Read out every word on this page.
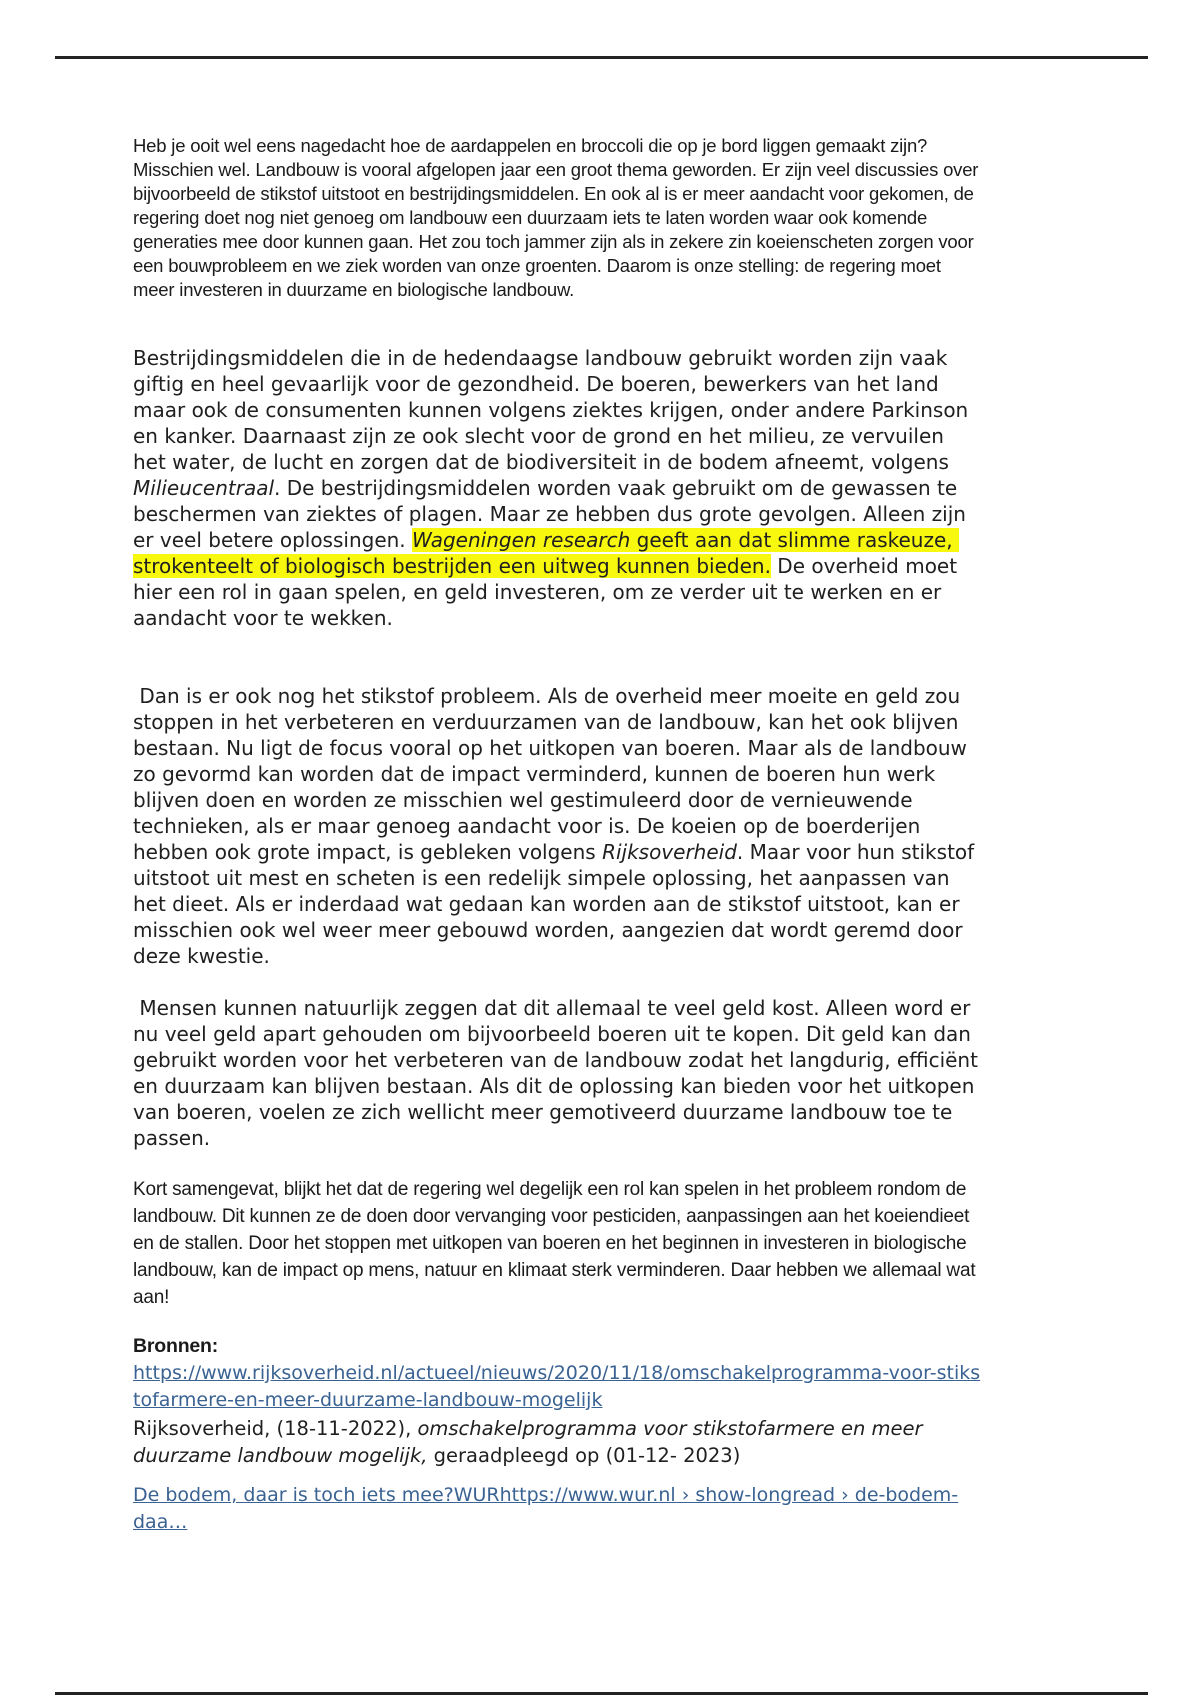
Heb je ooit wel eens nagedacht hoe de aardappelen en broccoli die op je bord liggen gemaakt zijn? Misschien wel. Landbouw is vooral afgelopen jaar een groot thema geworden. Er zijn veel discussies over bijvoorbeeld de stikstof uitstoot en bestrijdingsmiddelen. En ook al is er meer aandacht voor gekomen, de regering doet nog niet genoeg om landbouw een duurzaam iets te laten worden waar ook komende generaties mee door kunnen gaan. Het zou toch jammer zijn als in zekere zin koeienscheten zorgen voor een bouwprobleem en we ziek worden van onze groenten. Daarom is onze stelling: de regering moet meer investeren in duurzame en biologische landbouw.
Bestrijdingsmiddelen die in de hedendaagse landbouw gebruikt worden zijn vaak giftig en heel gevaarlijk voor de gezondheid. De boeren, bewerkers van het land maar ook de consumenten kunnen volgens ziektes krijgen, onder andere Parkinson en kanker. Daarnaast zijn ze ook slecht voor de grond en het milieu, ze vervuilen het water, de lucht en zorgen dat de biodiversiteit in de bodem afneemt, volgens Milieucentraal. De bestrijdingsmiddelen worden vaak gebruikt om de gewassen te beschermen van ziektes of plagen. Maar ze hebben dus grote gevolgen. Alleen zijn er veel betere oplossingen. Wageningen research geeft aan dat slimme raskeuze, strokenteelt of biologisch bestrijden een uitweg kunnen bieden. De overheid moet hier een rol in gaan spelen, en geld investeren, om ze verder uit te werken en er aandacht voor te wekken.
Dan is er ook nog het stikstof probleem. Als de overheid meer moeite en geld zou stoppen in het verbeteren en verduurzamen van de landbouw, kan het ook blijven bestaan. Nu ligt de focus vooral op het uitkopen van boeren. Maar als de landbouw zo gevormd kan worden dat de impact verminderd, kunnen de boeren hun werk blijven doen en worden ze misschien wel gestimuleerd door de vernieuwende technieken, als er maar genoeg aandacht voor is. De koeien op de boerderijen hebben ook grote impact, is gebleken volgens Rijksoverheid. Maar voor hun stikstof uitstoot uit mest en scheten is een redelijk simpele oplossing, het aanpassen van het dieet. Als er inderdaad wat gedaan kan worden aan de stikstof uitstoot, kan er misschien ook wel weer meer gebouwd worden, aangezien dat wordt geremd door deze kwestie.
Mensen kunnen natuurlijk zeggen dat dit allemaal te veel geld kost. Alleen word er nu veel geld apart gehouden om bijvoorbeeld boeren uit te kopen. Dit geld kan dan gebruikt worden voor het verbeteren van de landbouw zodat het langdurig, efficiënt en duurzaam kan blijven bestaan. Als dit de oplossing kan bieden voor het uitkopen van boeren, voelen ze zich wellicht meer gemotiveerd duurzame landbouw toe te passen.
Kort samengevat, blijkt het dat de regering wel degelijk een rol kan spelen in het probleem rondom de landbouw. Dit kunnen ze de doen door vervanging voor pesticiden, aanpassingen aan het koeiendieet en de stallen. Door het stoppen met uitkopen van boeren en het beginnen in investeren in biologische landbouw, kan de impact op mens, natuur en klimaat sterk verminderen. Daar hebben we allemaal wat aan!
Bronnen:
https://www.rijksoverheid.nl/actueel/nieuws/2020/11/18/omschakelprogramma-voor-stikstofarmere-en-meer-duurzame-landbouw-mogelijk
Rijksoverheid, (18-11-2022), omschakelprogramma voor stikstofarmere en meer duurzame landbouw mogelijk, geraadpleegd op (01-12- 2023)
De bodem, daar is toch iets mee?WURhttps://www.wur.nl › show-longread › de-bodem-daa…
